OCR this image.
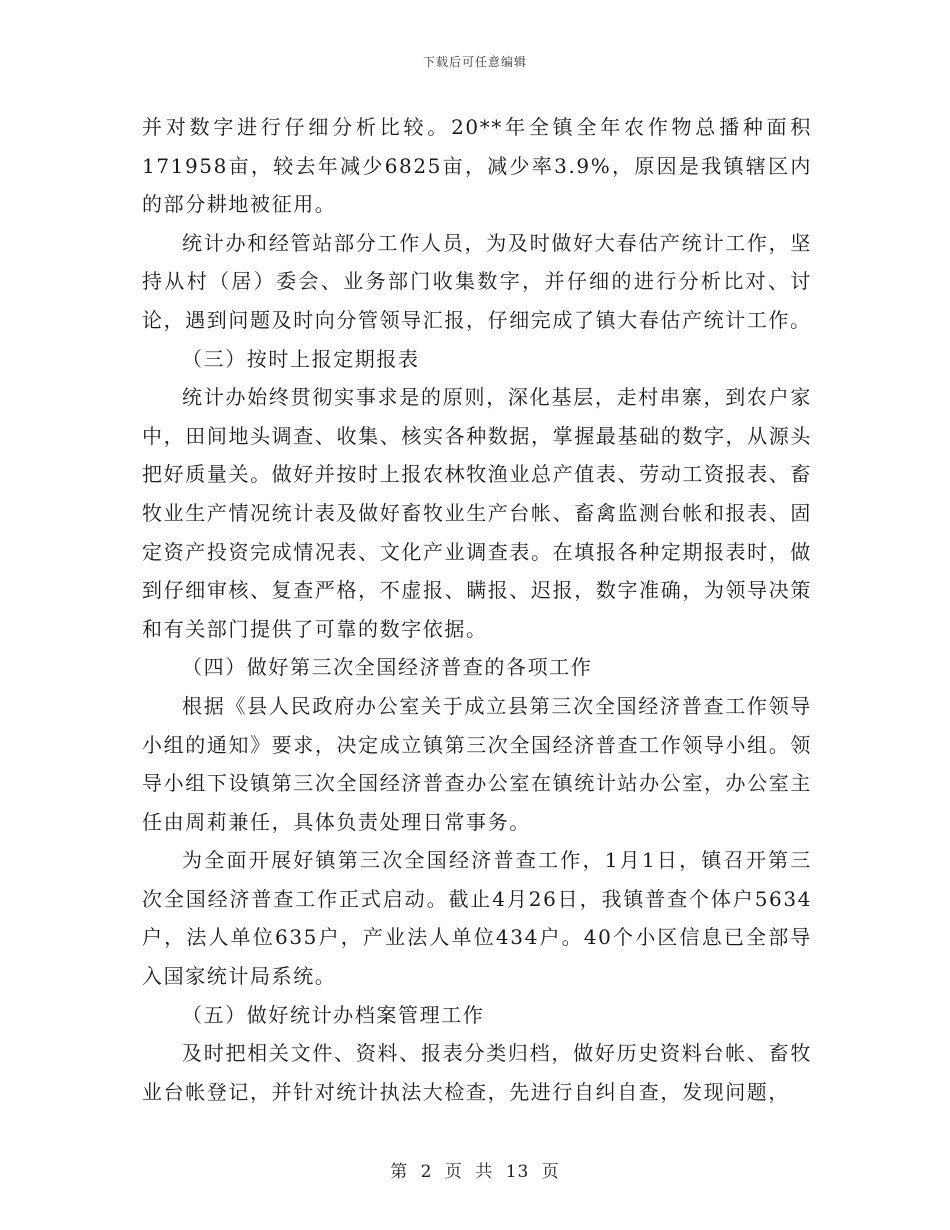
下载后可任意编辑

并对数字进行仔细分析比较。20**年全镇全年农作物总播种面积171958亩，较去年减少6825亩，减少率3.9%，原因是我镇辖区内的部分耕地被征用。

统计办和经管站部分工作人员，为及时做好大春估产统计工作，坚持从村（居）委会、业务部门收集数字，并仔细的进行分析比对、讨论，遇到问题及时向分管领导汇报，仔细完成了镇大春估产统计工作。

（三）按时上报定期报表

统计办始终贯彻实事求是的原则，深化基层，走村串寨，到农户家中，田间地头调查、收集、核实各种数据，掌握最基础的数字，从源头把好质量关。做好并按时上报农林牧渔业总产值表、劳动工资报表、畜牧业生产情况统计表及做好畜牧业生产台帐、畜禽监测台帐和报表、固定资产投资完成情况表、文化产业调查表。在填报各种定期报表时，做到仔细审核、复查严格，不虚报、瞒报、迟报，数字准确，为领导决策和有关部门提供了可靠的数字依据。

（四）做好第三次全国经济普查的各项工作

根据《县人民政府办公室关于成立县第三次全国经济普查工作领导小组的通知》要求，决定成立镇第三次全国经济普查工作领导小组。领导小组下设镇第三次全国经济普查办公室在镇统计站办公室，办公室主任由周莉兼任，具体负责处理日常事务。

为全面开展好镇第三次全国经济普查工作，1月1日，镇召开第三次全国经济普查工作正式启动。截止4月26日，我镇普查个体户5634户，法人单位635户，产业法人单位434户。40个小区信息已全部导入国家统计局系统。

（五）做好统计办档案管理工作

及时把相关文件、资料、报表分类归档，做好历史资料台帐、畜牧业台帐登记，并针对统计执法大检查，先进行自纠自查，发现问题，

第 2 页 共 13 页
